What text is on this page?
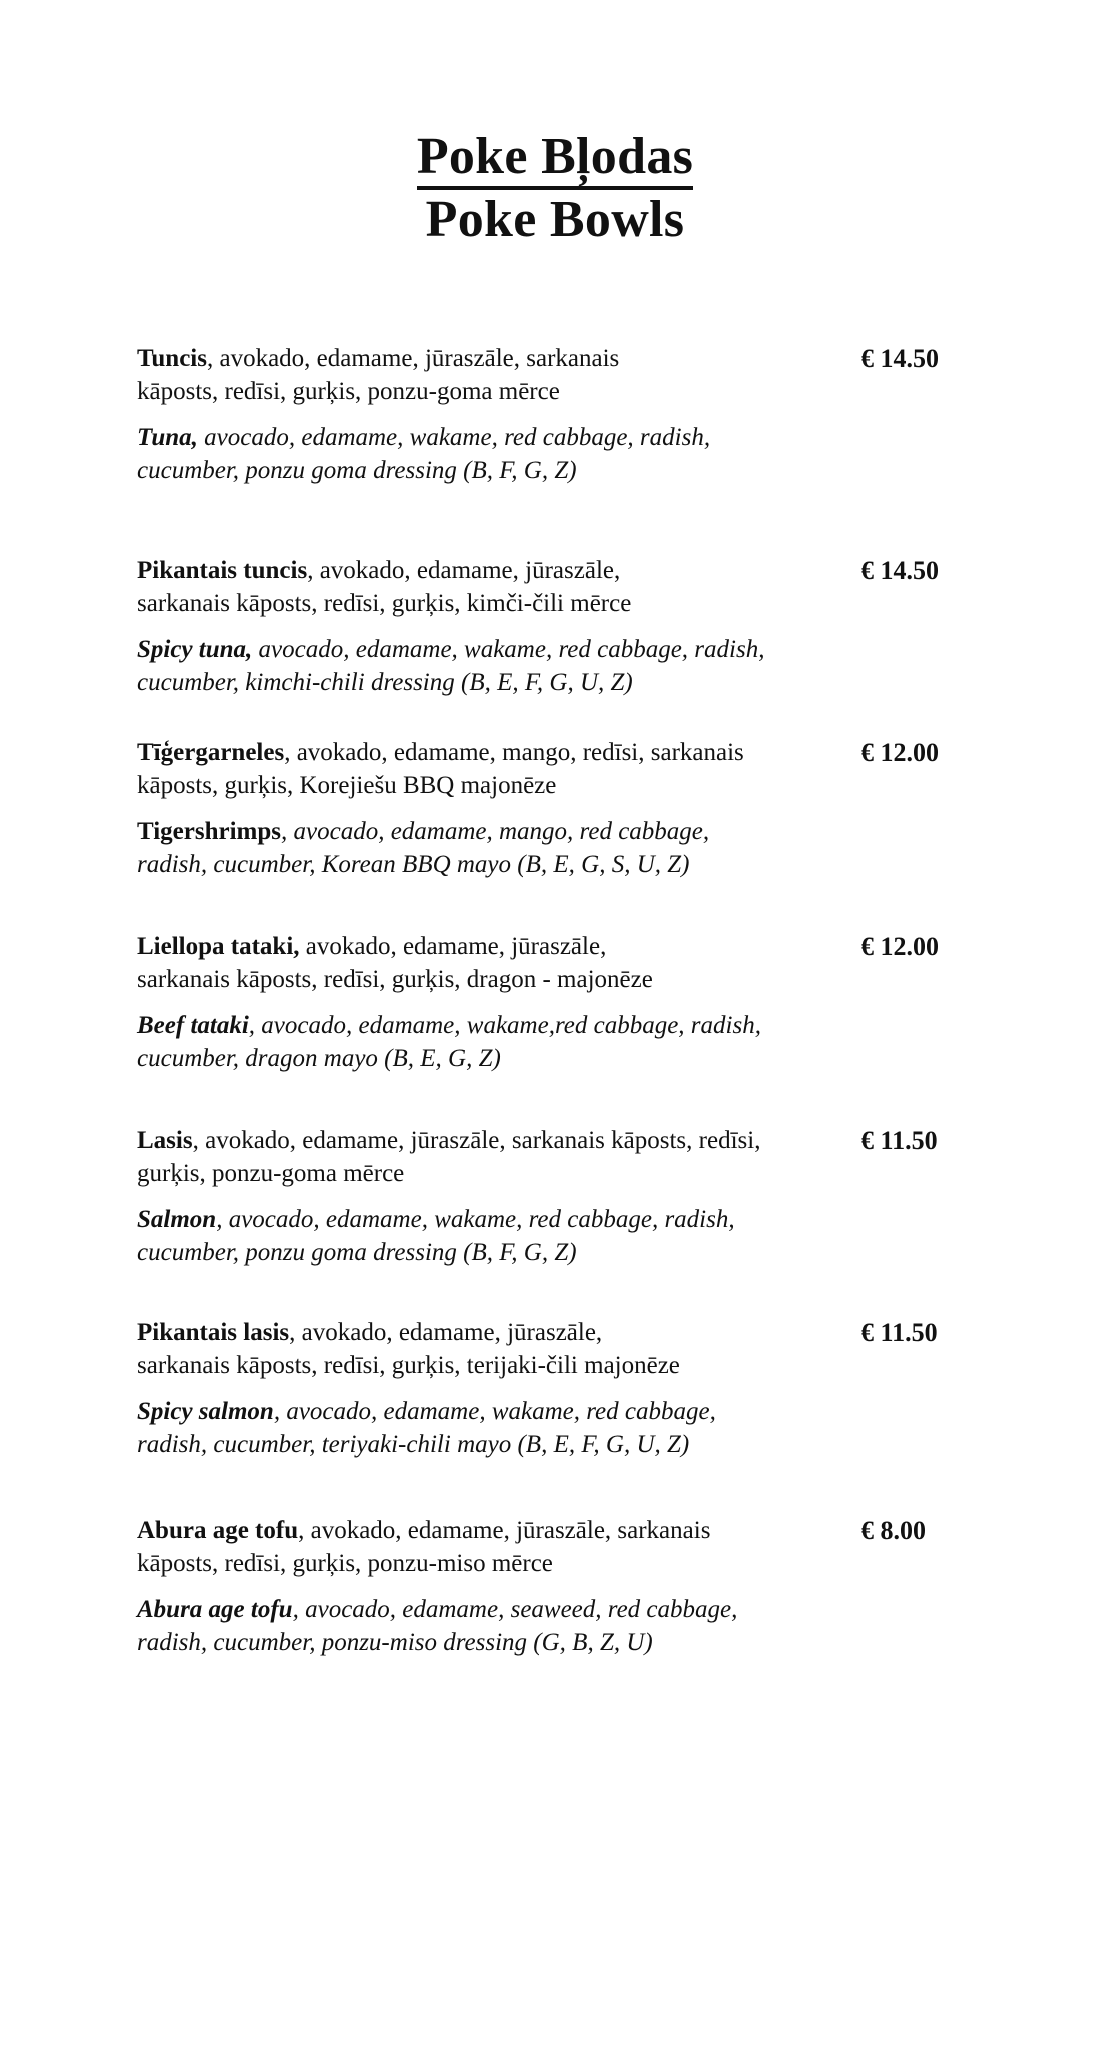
Poke Bļodas
Poke Bowls
Tuncis, avokado, edamame, jūraszāle, sarkanais
kāposts, redīsi, gurķis, ponzu-goma mērce
Tuna, avocado, edamame, wakame, red cabbage, radish,
cucumber, ponzu goma dressing (B, F, G, Z)
€ 14.50
Pikantais tuncis, avokado, edamame, jūraszāle,
sarkanais kāposts, redīsi, gurķis, kimči-čili mērce
Spicy tuna, avocado, edamame, wakame, red cabbage, radish,
cucumber, kimchi-chili dressing (B, E, F, G, U, Z)
€ 14.50
Tīģergarneles, avokado, edamame, mango, redīsi, sarkanais
kāposts, gurķis, Korejiešu BBQ majonēze
Tigershrimps, avocado, edamame, mango, red cabbage,
radish, cucumber, Korean BBQ mayo (B, E, G, S, U, Z)
€ 12.00
Liellopa tataki, avokado, edamame, jūraszāle,
sarkanais kāposts, redīsi, gurķis, dragon - majonēze
Beef tataki, avocado, edamame, wakame,red cabbage, radish,
cucumber, dragon mayo (B, E, G, Z)
€ 12.00
Lasis, avokado, edamame, jūraszāle, sarkanais kāposts, redīsi,
gurķis, ponzu-goma mērce
Salmon, avocado, edamame, wakame, red cabbage, radish,
cucumber, ponzu goma dressing (B, F, G, Z)
€ 11.50
Pikantais lasis, avokado, edamame, jūraszāle,
sarkanais kāposts, redīsi, gurķis, terijaki-čili majonēze
Spicy salmon, avocado, edamame, wakame, red cabbage,
radish, cucumber, teriyaki-chili mayo (B, E, F, G, U, Z)
€ 11.50
Abura age tofu, avokado, edamame, jūraszāle, sarkanais
kāposts, redīsi, gurķis, ponzu-miso mērce
Abura age tofu, avocado, edamame, seaweed, red cabbage,
radish, cucumber, ponzu-miso dressing (G, B, Z, U)
€ 8.00
